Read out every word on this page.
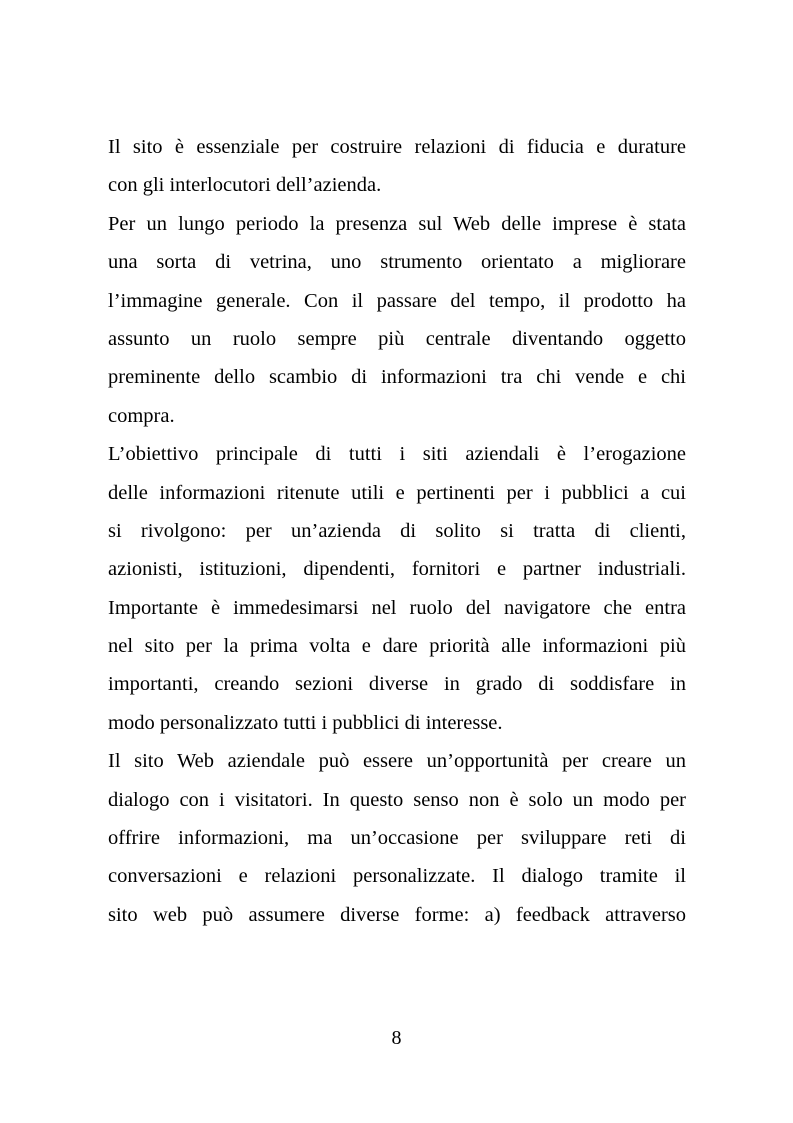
Il sito è essenziale per costruire relazioni di fiducia e durature
con gli interlocutori dell’azienda.
Per un lungo periodo la presenza sul Web delle imprese è stata
una sorta di vetrina, uno strumento orientato a migliorare
l’immagine generale. Con il passare del tempo, il prodotto ha
assunto un ruolo sempre più centrale diventando oggetto
preminente dello scambio di informazioni tra chi vende e chi
compra.
L’obiettivo principale di tutti i siti aziendali è l’erogazione
delle informazioni ritenute utili e pertinenti per i pubblici a cui
si rivolgono: per un’azienda di solito si tratta di clienti,
azionisti, istituzioni, dipendenti, fornitori e partner industriali.
Importante è immedesimarsi nel ruolo del navigatore che entra
nel sito per la prima volta e dare priorità alle informazioni più
importanti, creando sezioni diverse in grado di soddisfare in
modo personalizzato tutti i pubblici di interesse.
Il sito Web aziendale può essere un’opportunità per creare un
dialogo con i visitatori. In questo senso non è solo un modo per
offrire informazioni, ma un’occasione per sviluppare reti di
conversazioni e relazioni personalizzate. Il dialogo tramite il
sito web può assumere diverse forme: a) feedback attraverso
8
